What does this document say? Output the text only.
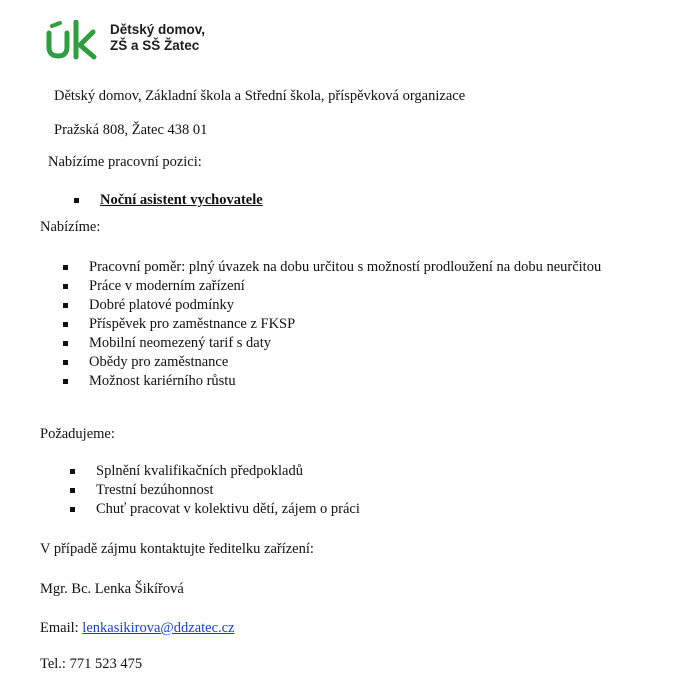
Dětský domov,
ZŠ a SŠ Žatec
Dětský domov, Základní škola a Střední škola, příspěvková organizace
Pražská 808, Žatec 438 01
Nabízíme pracovní pozici:
Noční asistent vychovatele
Nabízíme:
Pracovní poměr: plný úvazek na dobu určitou s možností prodloužení na dobu neurčitou
Práce v moderním zařízení
Dobré platové podmínky
Příspěvek pro zaměstnance z FKSP
Mobilní neomezený tarif s daty
Obědy pro zaměstnance
Možnost kariérního růstu
Požadujeme:
Splnění kvalifikačních předpokladů
Trestní bezúhonnost
Chuť pracovat v kolektivu dětí, zájem o práci
V případě zájmu kontaktujte ředitelku zařízení:
Mgr. Bc. Lenka Šikířová
Email: lenkasikirova@ddzatec.cz
Tel.: 771 523 475
